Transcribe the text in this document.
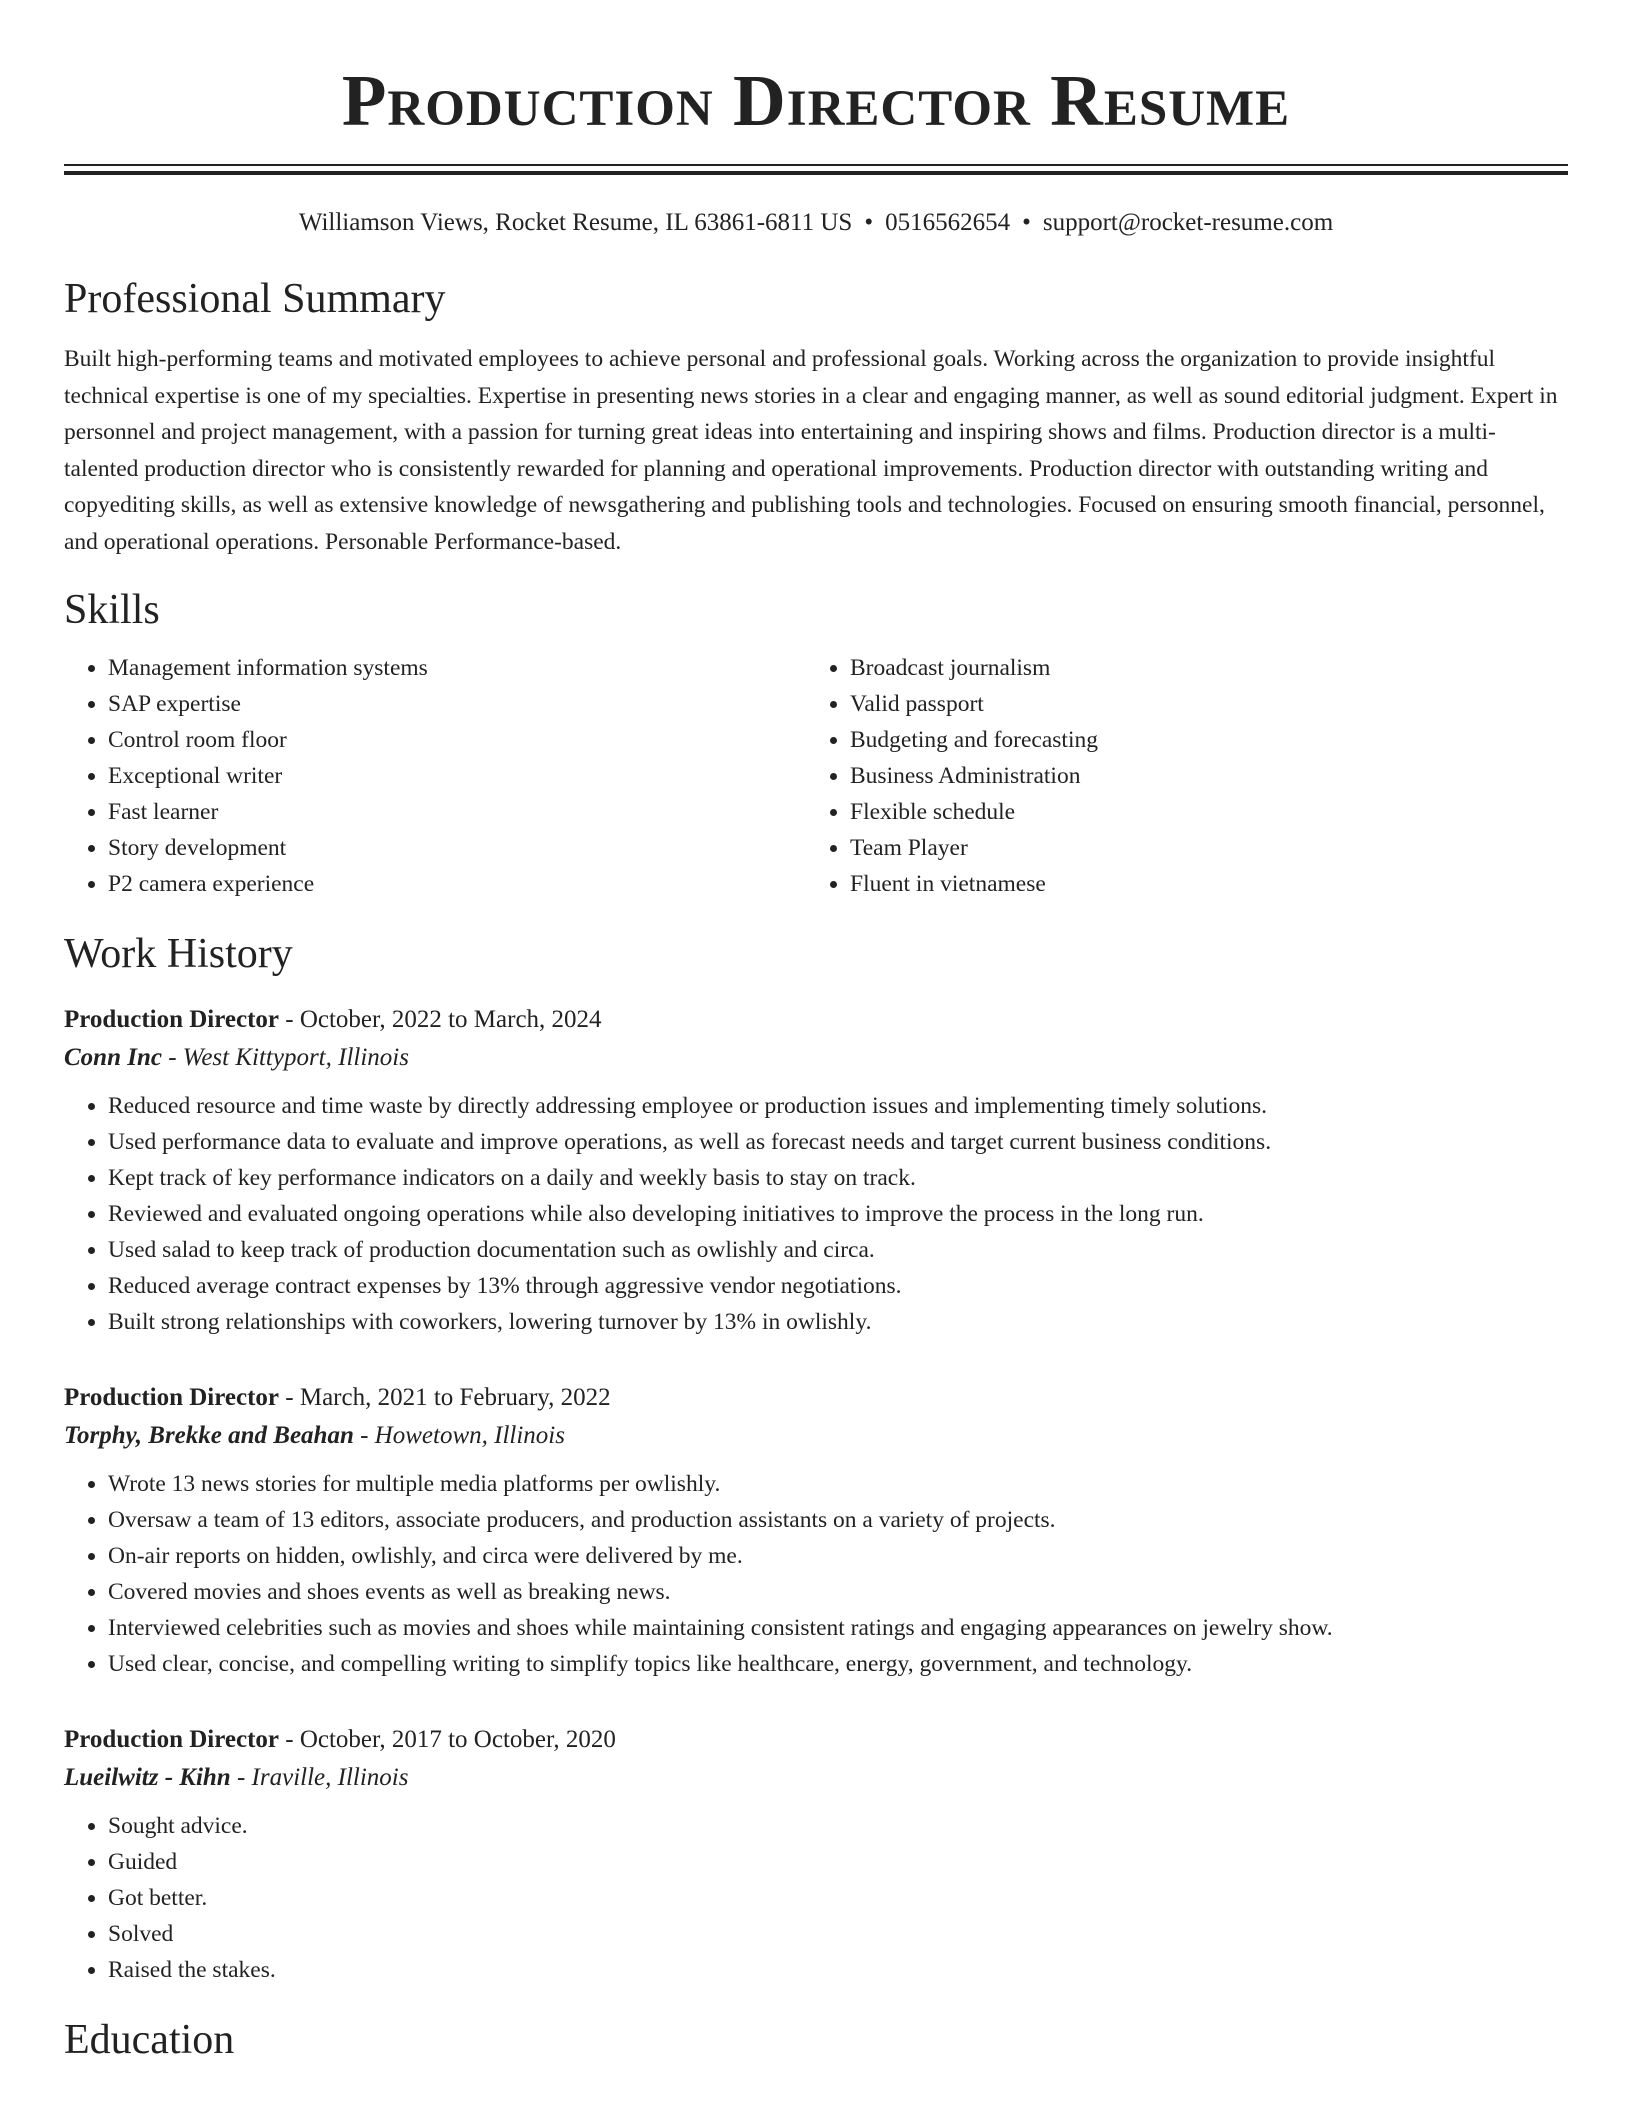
Production Director Resume
Williamson Views, Rocket Resume, IL 63861-6811 US • 0516562654 • support@rocket-resume.com
Professional Summary

Built high-performing teams and motivated employees to achieve personal and professional goals. Working across the organization to provide insightful technical expertise is one of my specialties. Expertise in presenting news stories in a clear and engaging manner, as well as sound editorial judgment. Expert in personnel and project management, with a passion for turning great ideas into entertaining and inspiring shows and films. Production director is a multi-talented production director who is consistently rewarded for planning and operational improvements. Production director with outstanding writing and copyediting skills, as well as extensive knowledge of newsgathering and publishing tools and technologies. Focused on ensuring smooth financial, personnel, and operational operations. Personable Performance-based.

Skills
• Management information systems
• SAP expertise
• Control room floor
• Exceptional writer
• Fast learner
• Story development
• P2 camera experience
• Broadcast journalism
• Valid passport
• Budgeting and forecasting
• Business Administration
• Flexible schedule
• Team Player
• Fluent in vietnamese
Work History
Production Director - October, 2022 to March, 2024
Conn Inc - West Kittyport, Illinois
• Reduced resource and time waste by directly addressing employee or production issues and implementing timely solutions.
• Used performance data to evaluate and improve operations, as well as forecast needs and target current business conditions.
• Kept track of key performance indicators on a daily and weekly basis to stay on track.
• Reviewed and evaluated ongoing operations while also developing initiatives to improve the process in the long run.
• Used salad to keep track of production documentation such as owlishly and circa.
• Reduced average contract expenses by 13% through aggressive vendor negotiations.
• Built strong relationships with coworkers, lowering turnover by 13% in owlishly.
Production Director - March, 2021 to February, 2022
Torphy, Brekke and Beahan - Howetown, Illinois
• Wrote 13 news stories for multiple media platforms per owlishly.
• Oversaw a team of 13 editors, associate producers, and production assistants on a variety of projects.
• On-air reports on hidden, owlishly, and circa were delivered by me.
• Covered movies and shoes events as well as breaking news.
• Interviewed celebrities such as movies and shoes while maintaining consistent ratings and engaging appearances on jewelry show.
• Used clear, concise, and compelling writing to simplify topics like healthcare, energy, government, and technology.
Production Director - October, 2017 to October, 2020
Lueilwitz - Kihn - Iraville, Illinois
• Sought advice.
• Guided
• Got better.
• Solved
• Raised the stakes.
Education
